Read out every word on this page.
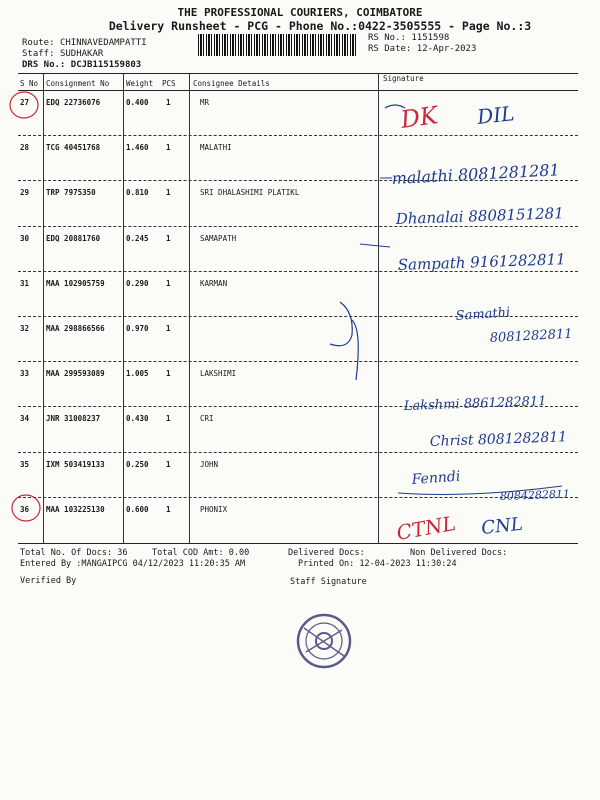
THE PROFESSIONAL COURIERS, COIMBATORE
Delivery Runsheet - PCG - Phone No.:0422-3505555 - Page No.:3
Route: CHINNAVEDAMPATTI
Staff: SUDHAKAR
DRS No.: DCJB115159803
RS No.: 1151598
RS Date: 12-Apr-2023
S No Consignment No Weight PCS Consignee Details
Signature
27 EDQ 22736076	0.400 1	MR
28 TCG 40451768	1.460 1	MALATHI
29 TRP 7975350	0.810 1	SRI DHALASHIMI PLATIKL
30 EDQ 20881760	0.245 1	SAMAPATH
31 MAA 102905759	0.290 1	KARMAN
32 MAA 298866566	0.970 1
33 MAA 299593089	1.005 1	LAKSHIMI
34 JNR 31008237	0.430 1	CRI
35 IXM 503419133	0.250 1	JOHN
36 MAA 103225130	0.600 1	PHONIX
Total No. Of Docs: 36	Total COD Amt: 0.00	Delivered Docs:	Non Delivered Docs:
Entered By :MANGAIPCG 04/12/2023 11:20:35 AM	Printed On: 12-04-2023 11:30:24
Verified By	Staff Signature
DK DIL
malathi 8081281281
Dhanalai 8808151281
Sampath 9161282811
Samathi
8081282811
Lakshmi 8861282811
Christ 8081282811
Fenndi
8084282811
CTNL CNL
